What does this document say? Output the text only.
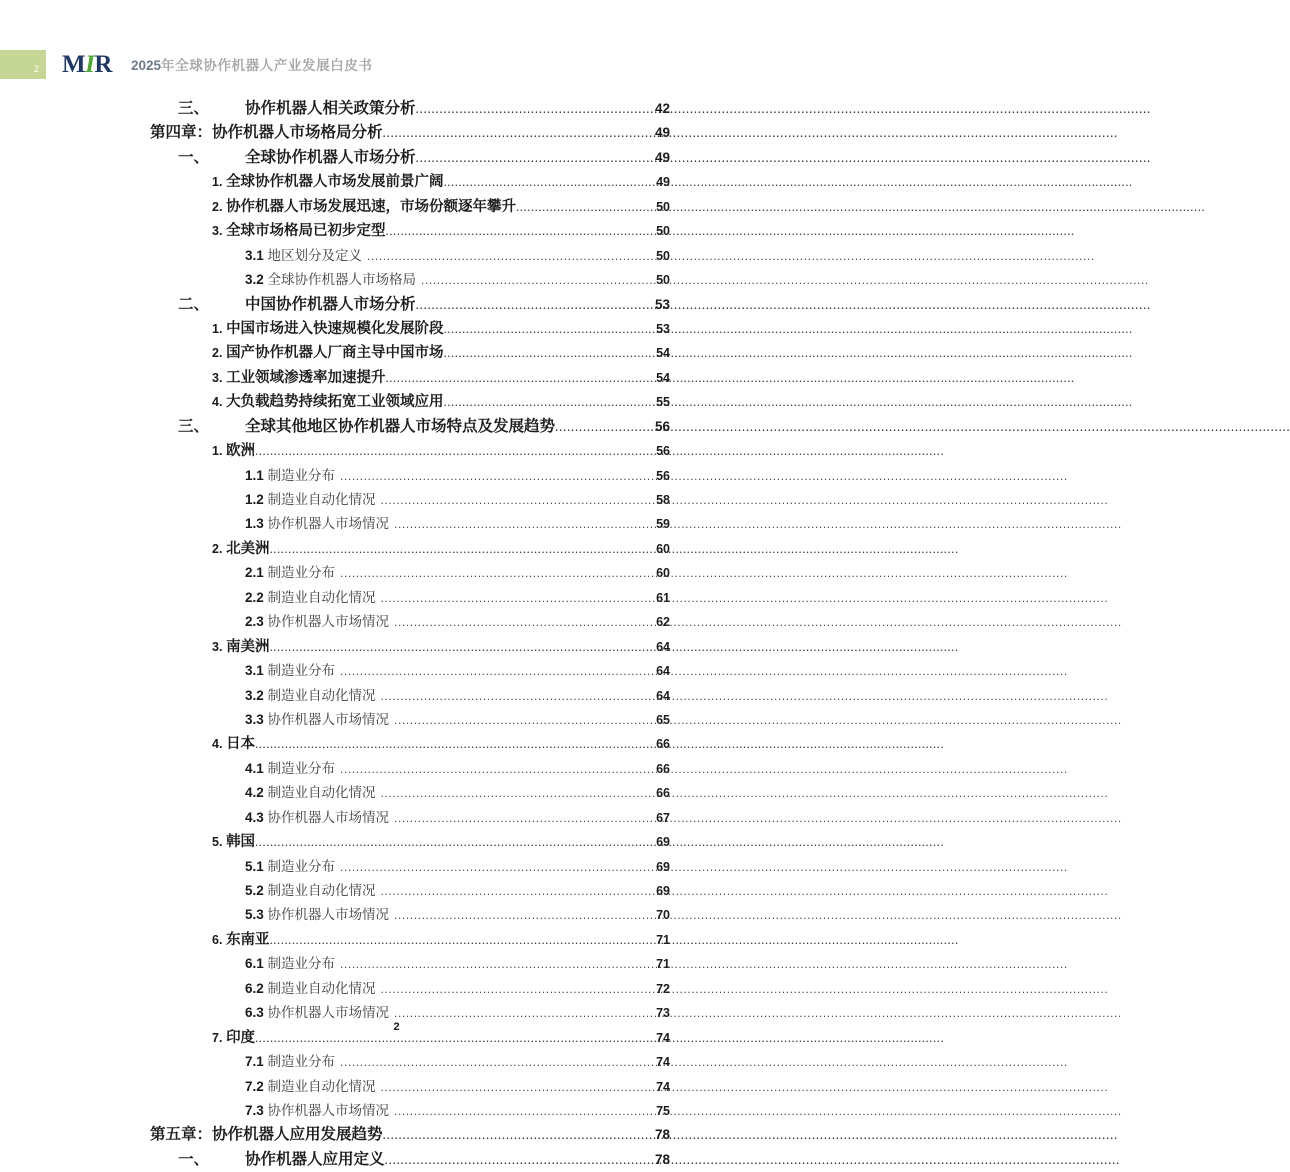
2 MIR 2025年全球协作机器人产业发展白皮书
三、 协作机器人相关政策分析 .....	42
第四章：协作机器人市场格局分析 .....	49
一、 全球协作机器人市场分析 .....	49
1. 全球协作机器人市场发展前景广阔 .....	49
2. 协作机器人市场发展迅速，市场份额逐年攀升 .....	50
3. 全球市场格局已初步定型 .....	50
3.1 地区划分及定义 .....	50
3.2 全球协作机器人市场格局 .....	50
二、 中国协作机器人市场分析 .....	53
1. 中国市场进入快速规模化发展阶段 .....	53
2. 国产协作机器人厂商主导中国市场 .....	54
3. 工业领域渗透率加速提升 .....	54
4. 大负载趋势持续拓宽工业领域应用 .....	55
三、 全球其他地区协作机器人市场特点及发展趋势 .....	56
1. 欧洲 .....	56
1.1 制造业分布 .....	56
1.2 制造业自动化情况 .....	58
1.3 协作机器人市场情况 .....	59
2. 北美洲 .....	60
2.1 制造业分布 .....	60
2.2 制造业自动化情况 .....	61
2.3 协作机器人市场情况 .....	62
3. 南美洲 .....	64
3.1 制造业分布 .....	64
3.2 制造业自动化情况 .....	64
3.3 协作机器人市场情况 .....	65
4. 日本 .....	66
4.1 制造业分布 .....	66
4.2 制造业自动化情况 .....	66
4.3 协作机器人市场情况 .....	67
5. 韩国 .....	69
5.1 制造业分布 .....	69
5.2 制造业自动化情况 .....	69
5.3 协作机器人市场情况 .....	70
6. 东南亚 .....	71
6.1 制造业分布 .....	71
6.2 制造业自动化情况 .....	72
6.3 协作机器人市场情况 .....	73
7. 印度 .....	74
7.1 制造业分布 .....	74
7.2 制造业自动化情况 .....	74
7.3 协作机器人市场情况 .....	75
第五章：协作机器人应用发展趋势 .....	78
一、 协作机器人应用定义 .....	78
2
